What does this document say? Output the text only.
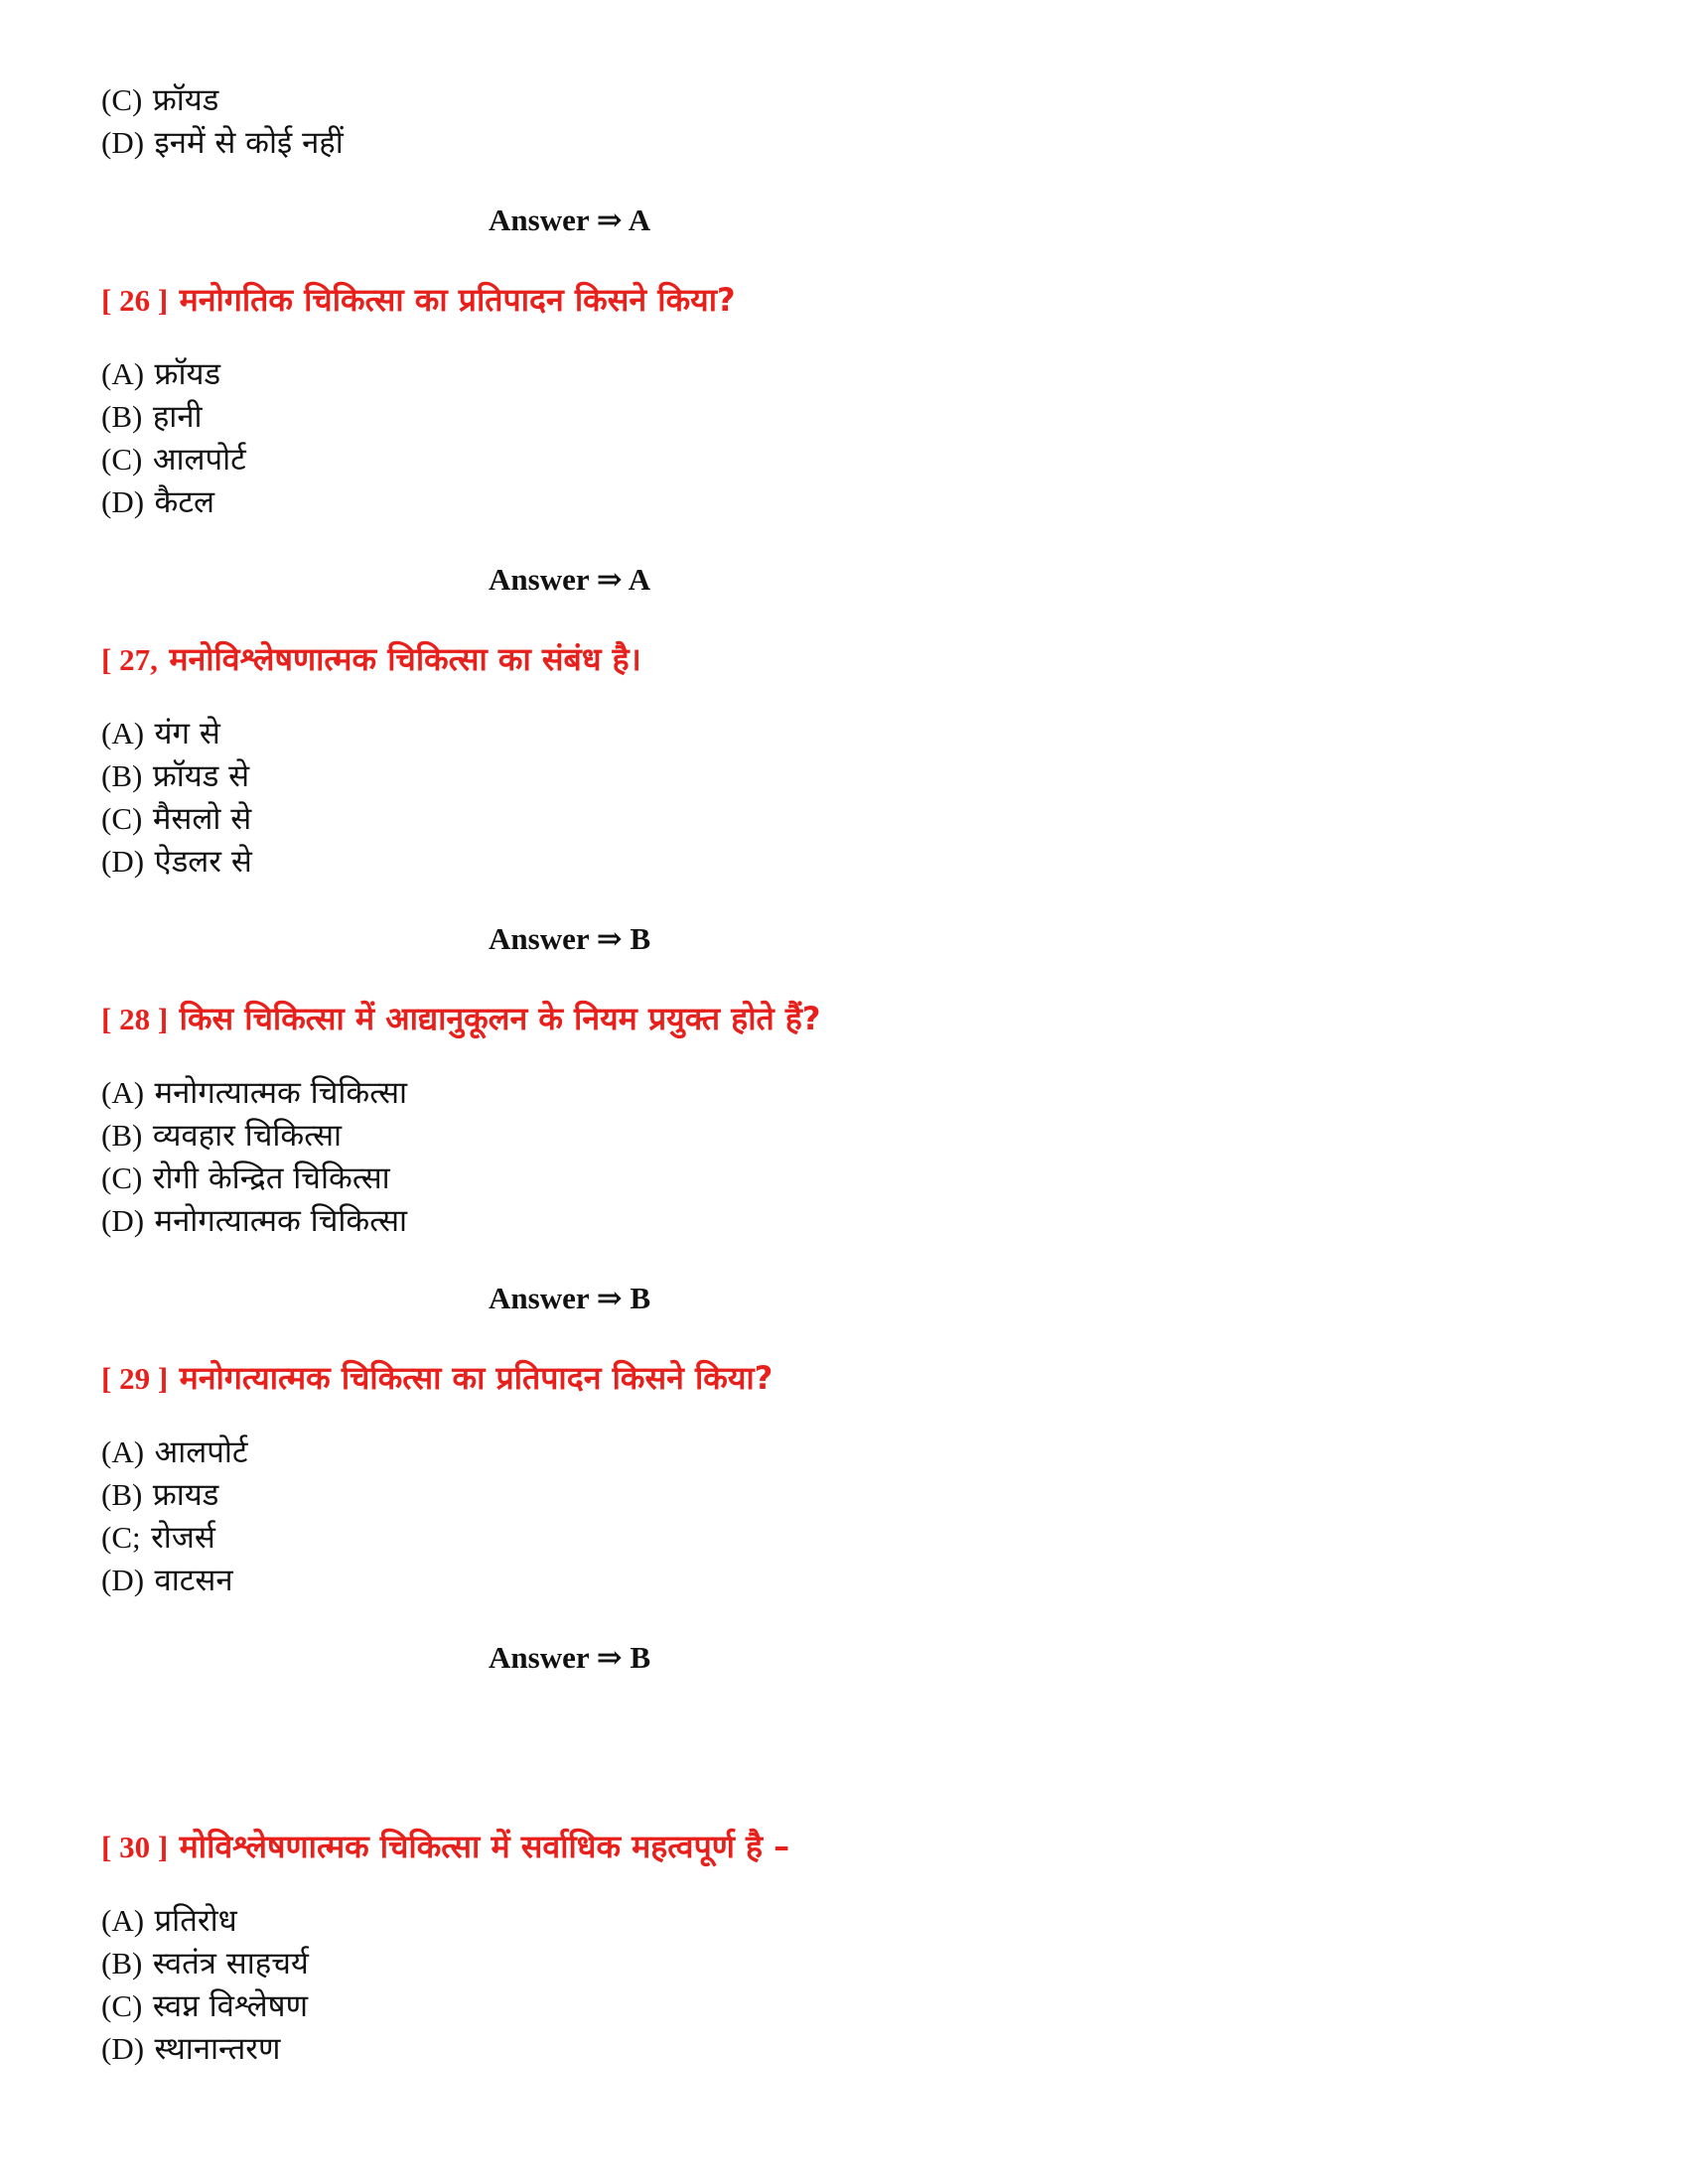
(C) फ्रॉयड
(D) इनमें से कोई नहीं
Answer ⇒ A
[ 26 ] मनोगतिक चिकित्सा का प्रतिपादन किसने किया?
(A) फ्रॉयड
(B) हानी
(C) आलपोर्ट
(D) कैटल
Answer ⇒ A
[ 27, मनोविश्लेषणात्मक चिकित्सा का संबंध है।
(A) यंग से
(B) फ्रॉयड से
(C) मैसलो से
(D) ऐडलर से
Answer ⇒ B
[ 28 ] किस चिकित्सा में आद्यानुकूलन के नियम प्रयुक्त होते हैं?
(A) मनोगत्यात्मक चिकित्सा
(B) व्यवहार चिकित्सा
(C) रोगी केन्द्रित चिकित्सा
(D) मनोगत्यात्मक चिकित्सा
Answer ⇒ B
[ 29 ] मनोगत्यात्मक चिकित्सा का प्रतिपादन किसने किया?
(A) आलपोर्ट
(B) फ्रायड
(C; रोजर्स
(D) वाटसन
Answer ⇒ B
[ 30 ] मोविश्लेषणात्मक चिकित्सा में सर्वाधिक महत्वपूर्ण है –
(A) प्रतिरोध
(B) स्वतंत्र साहचर्य
(C) स्वप्न विश्लेषण
(D) स्थानान्तरण
